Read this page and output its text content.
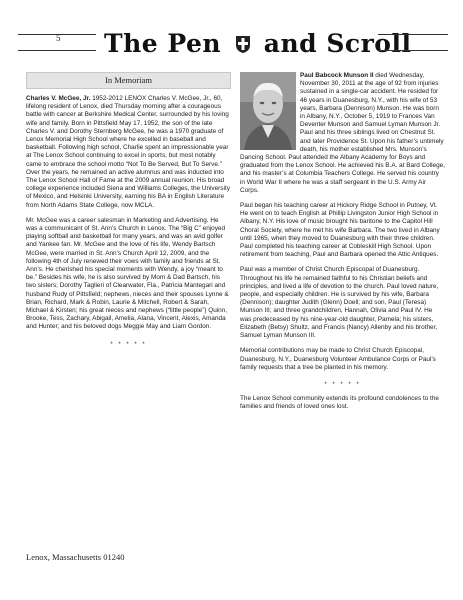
5 The Pen and Scroll
In Memoriam

Charles V. McGee, Jr. 1952-2012 LENOX Charles V. McGee, Jr., 60, lifelong resident of Lenox, died Thursday morning after a courageous battle with cancer at Berkshire Medical Center, surrounded by his loving wife and family. Born in Pittsfield May 17, 1952, the son of the late Charles V. and Dorothy Sternberg McGee, he was a 1970 graduate of Lenox Memorial High School where he excelled in baseball and basketball. Following high school, Charlie spent an impressionable year at The Lenox School continuing to excel in sports, but most notably came to embrace the school motto “Not To Be Served, But To Serve.” Over the years, he remained an active alumnus and was inducted into The Lenox School Hall of Fame at the 2009 annual reunion. His broad college experience included Siena and Williams Colleges, the University of Mexico, and Helsinki University, earning his BA in English Literature from North Adams State College, now MCLA.

Mr. McGee was a career salesman in Marketing and Advertising. He was a communicant of St. Ann’s Church in Lenox. The “Big C” enjoyed playing softball and basketball for many years, and was an avid golfer and Yankee fan. Mr. McGee and the love of his life, Wendy Bartsch McGee, were married in St. Ann’s Church April 12, 2009, and the following 4th of July renewed their vows with family and friends at St. Ann’s. He cherished his special moments with Wendy, a joy “meant to be.” Besides his wife, he is also survived by Mom & Dad Bartsch, his two sisters; Dorothy Taglieri of Clearwater, Fla., Patricia Mantegari and husband Rudy of Pittsfield; nephews, nieces and their spouses Lynne & Brian, Richard, Mark & Robin, Laurie & Mitchell, Robert & Sarah, Michael & Kirsten; his great nieces and nephews (“little people”) Quinn, Brooke, Tess, Zachary, Abigail, Amelia, Alana, Vincent, Alexis, Amanda and Hunter; and his beloved dogs Meggie May and Liam Gordon.

* * * * *

Paul Babcock Munson II died Wednesday, November 30, 2011 at the age of 92 from injuries sustained in a single-car accident. He resided for 46 years in Duanesburg, N.Y., with his wife of 53 years, Barbara (Dennison) Munson. He was born in Albany, N.Y., October 5, 1919 to Frances Van Deventer Munson and Samuel Lyman Munson Jr. Paul and his three siblings lived on Chestnut St. and later Providence St. Upon his father’s untimely death, his mother established Mrs. Munson’s Dancing School. Paul attended the Albany Academy for Boys and graduated from the Lenox School. He achieved his B.A. at Bard College, and his master’s at Columbia Teachers College. He served his country in World War II where he was a staff sergeant in the U.S. Army Air Corps.

Paul began his teaching career at Hickory Ridge School in Putney, Vt. He went on to teach English at Phillip Livingston Junior High School in Albany, N.Y. His love of music brought his baritone to the Capitol Hill Choral Society, where he met his wife Barbara. The two lived in Albany until 1965, when they moved to Duanesburg with their three children. Paul completed his teaching career at Cobleskill High School. Upon retirement from teaching, Paul and Barbara opened the Attic Antiques.

Paul was a member of Christ Church Episcopal of Duanesburg. Throughout his life he remained faithful to his Christian beliefs and principles, and lived a life of devotion to the church. Paul loved nature, people, and especially children. He is survived by his wife, Barbara (Dennison); daughter Judith (Glenn) Doell; and son, Paul (Teresa) Munson III; and three grandchildren, Hannah, Olivia and Paul IV. He was predeceased by his nine-year-old daughter, Pamela; his sisters, Elizabeth (Betsy) Shultz, and Francis (Nancy) Allenby and his brother, Samuel Lyman Munson III.

Memorial contributions may be made to Christ Church Episcopal, Duanesburg, N.Y., Duanesburg Volunteer Ambulance Corps or Paul’s family requests that a tree be planted in his memory.

* * * * *

The Lenox School community extends its profound condolences to the families and friends of loved ones lost.

Lenox, Massachusetts 01240
